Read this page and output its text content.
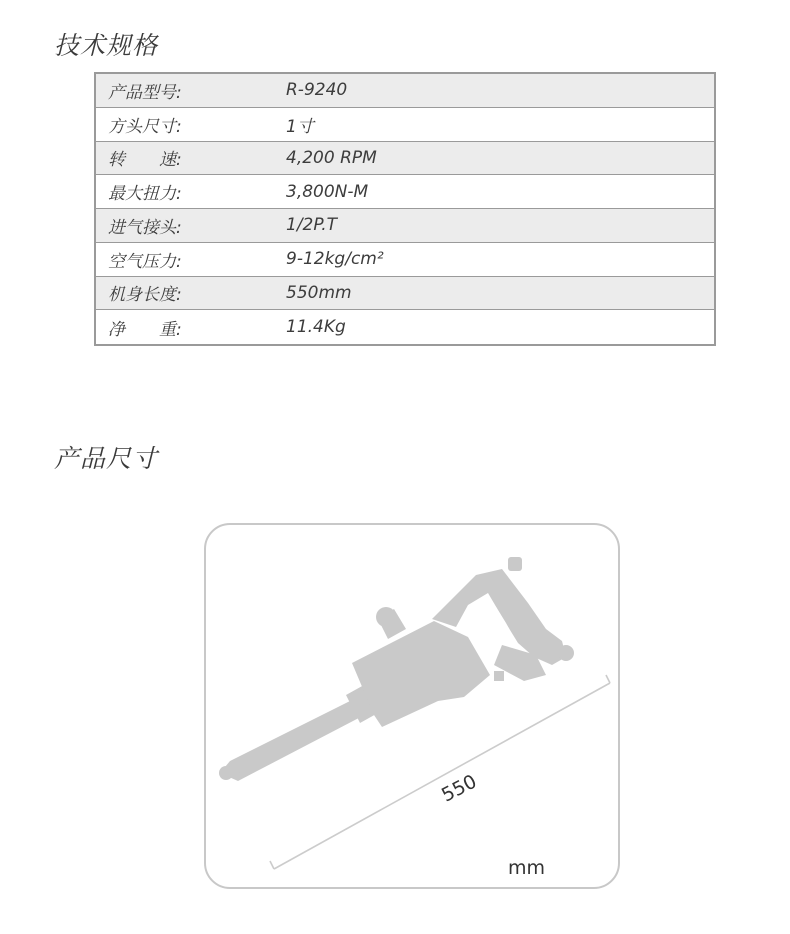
技术规格
产品型号:	R-9240
方头尺寸:	1寸
转　　速:	4,200 RPM
最大扭力:	3,800N-M
进气接头:	1/2P.T
空气压力:	9-12kg/cm²
机身长度:	550mm
净　　重:	11.4Kg
产品尺寸
550
mm
